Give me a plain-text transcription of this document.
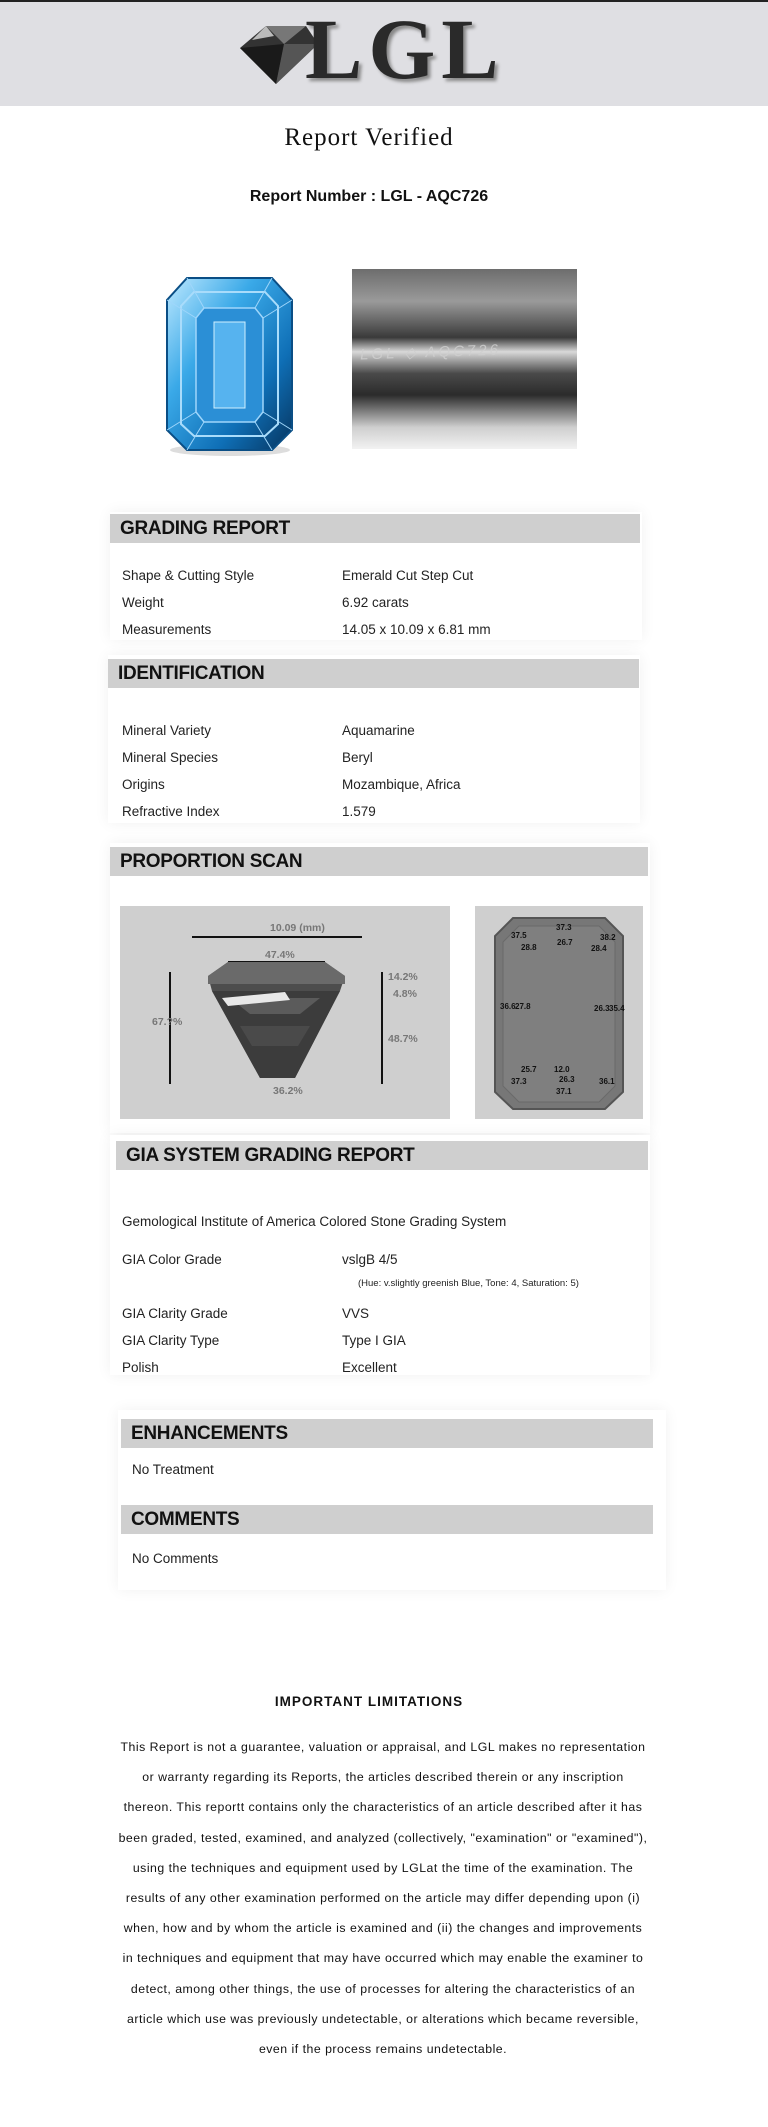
LGL
Report Verified
Report Number : LGL - AQC726
LGL ◇ AQC726
GRADING REPORT
Shape & Cutting Style	Emerald Cut Step Cut
Weight	6.92 carats
Measurements	14.05 x 10.09 x 6.81 mm
IDENTIFICATION
Mineral Variety	Aquamarine
Mineral Species	Beryl
Origins	Mozambique, Africa
Refractive Index	1.579
PROPORTION SCAN
10.09 (mm)
47.4%
67.?%
14.2%
4.8%
48.7%
36.2%
37.5
37.3
38.2
28.8
26.7
28.4
36.6 27.8	26.3 35.4
25.7 12.0
37.3	26.3	36.1
37.1
GIA SYSTEM GRADING REPORT
Gemological Institute of America Colored Stone Grading System
GIA Color Grade	vslgB 4/5
(Hue: v.slightly greenish Blue, Tone: 4, Saturation: 5)
GIA Clarity Grade	VVS
GIA Clarity Type	Type I GIA
Polish	Excellent
ENHANCEMENTS
No Treatment
COMMENTS
No Comments
IMPORTANT LIMITATIONS
This Report is not a guarantee, valuation or appraisal, and LGL makes no representation or warranty regarding its Reports, the articles described therein or any inscription thereon. This reportt contains only the characteristics of an article described after it has been graded, tested, examined, and analyzed (collectively, "examination" or "examined"), using the techniques and equipment used by LGLat the time of the examination. The results of any other examination performed on the article may differ depending upon (i) when, how and by whom the article is examined and (ii) the changes and improvements in techniques and equipment that may have occurred which may enable the examiner to detect, among other things, the use of processes for altering the characteristics of an article which use was previously undetectable, or alterations which became reversible, even if the process remains undetectable.
